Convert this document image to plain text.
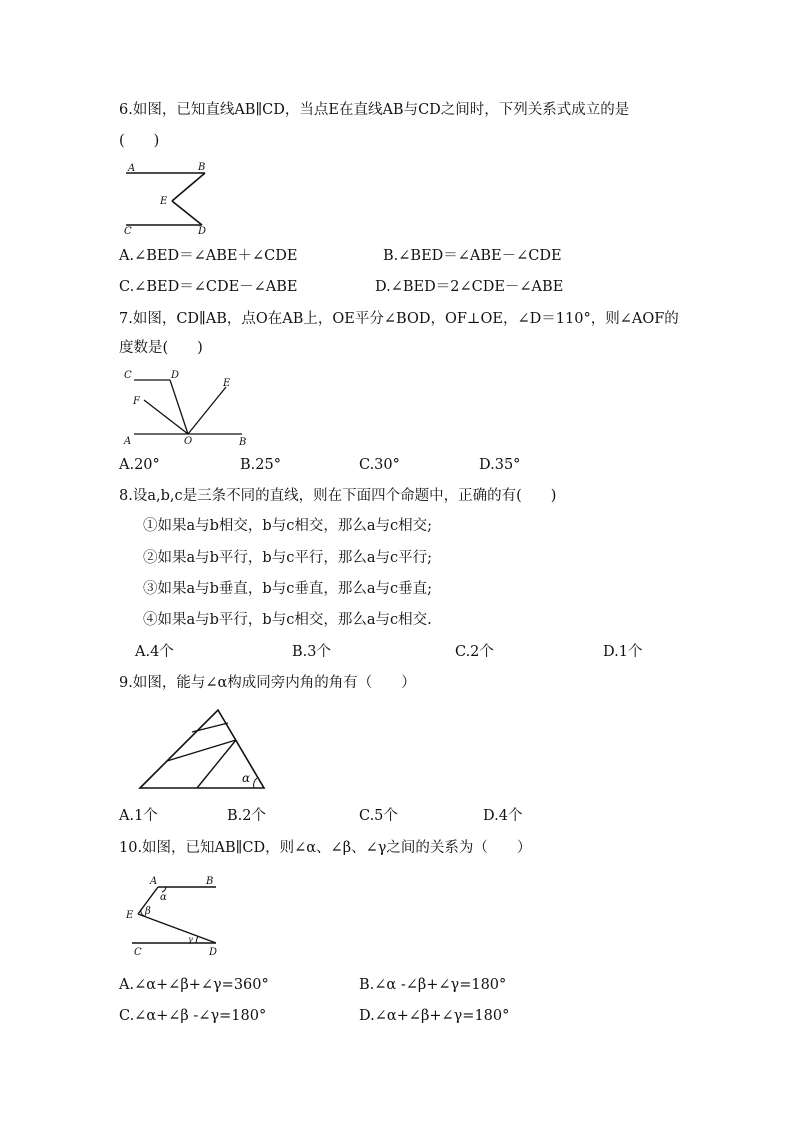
6.如图，已知直线AB∥CD，当点E在直线AB与CD之间时，下列关系式成立的是
(　　)
A	B
E
C	D
A.∠BED＝∠ABE＋∠CDE	B.∠BED＝∠ABE－∠CDE
C.∠BED＝∠CDE－∠ABE	D.∠BED＝2∠CDE－∠ABE
7.如图，CD∥AB，点O在AB上，OE平分∠BOD，OF⊥OE，∠D＝110°，则∠AOF的
度数是(　　)
C	D
E
F
A	O	B
A.20°	B.25°	C.30°	D.35°
8.设a,b,c是三条不同的直线，则在下面四个命题中，正确的有(　　)
①如果a与b相交，b与c相交，那么a与c相交;
②如果a与b平行，b与c平行，那么a与c平行;
③如果a与b垂直，b与c垂直，那么a与c垂直;
④如果a与b平行，b与c相交，那么a与c相交.
A.4个	B.3个	C.2个	D.1个
9.如图，能与∠α构成同旁内角的角有（　　）
α
A.1个	B.2个	C.5个	D.4个
10.如图，已知AB∥CD，则∠α、∠β、∠γ之间的关系为（　　）
A	B
α
E β
C
γ
D
A.∠α+∠β+∠γ=360°	B.∠α -∠β+∠γ=180°
C.∠α+∠β -∠γ=180°	D.∠α+∠β+∠γ=180°
